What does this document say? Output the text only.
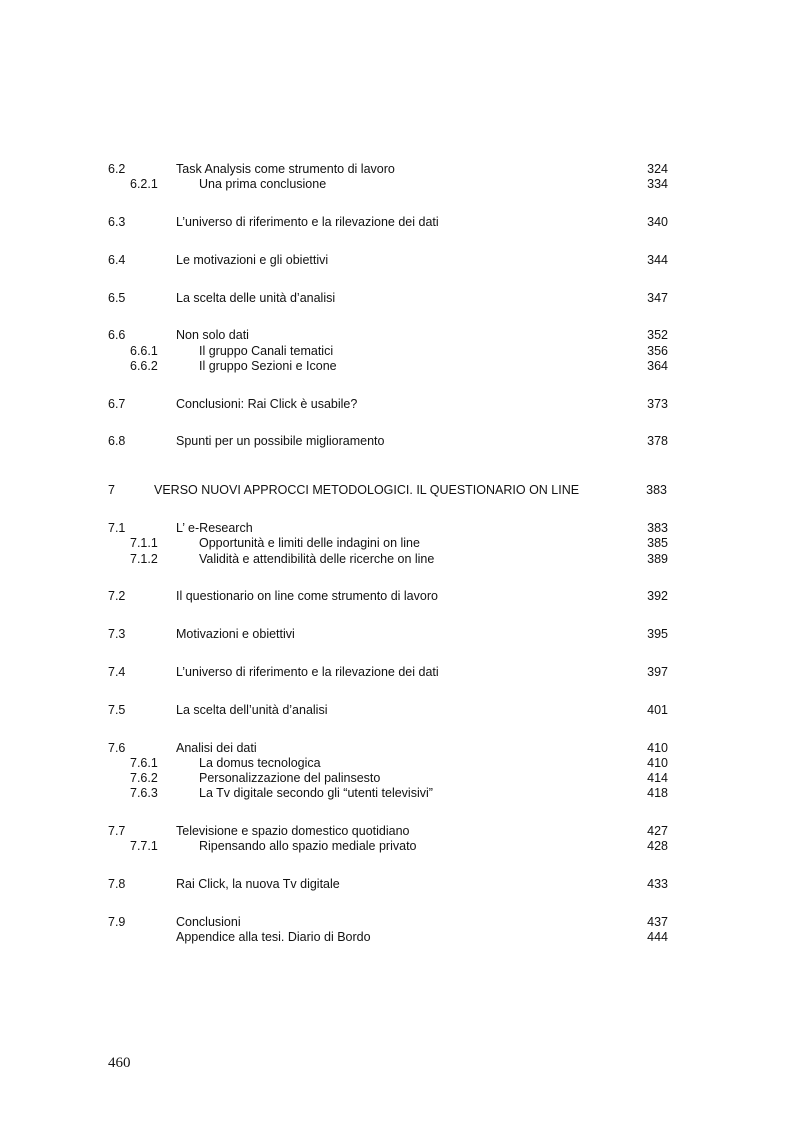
6.2	Task Analysis come strumento di lavoro	324
6.2.1	Una prima conclusione	334
6.3	L’universo di riferimento e la rilevazione dei dati	340
6.4	Le motivazioni e gli obiettivi	344
6.5	La scelta delle unità d’analisi	347
6.6	Non solo dati	352
6.6.1	Il gruppo Canali tematici	356
6.6.2	Il gruppo Sezioni e Icone	364
6.7	Conclusioni: Rai Click è usabile?	373
6.8	Spunti per un possibile miglioramento	378
7	VERSO NUOVI APPROCCI METODOLOGICI. IL QUESTIONARIO ON LINE	383
7.1	L’ e-Research	383
7.1.1	Opportunità e limiti delle indagini on line	385
7.1.2	Validità e attendibilità delle ricerche on line	389
7.2	Il questionario on line come strumento di lavoro	392
7.3	Motivazioni e obiettivi	395
7.4	L’universo di riferimento e la rilevazione dei dati	397
7.5	La scelta dell’unità d’analisi	401
7.6	Analisi dei dati	410
7.6.1	La domus tecnologica	410
7.6.2	Personalizzazione del palinsesto	414
7.6.3	La Tv digitale secondo gli “utenti televisivi”	418
7.7	Televisione e spazio domestico quotidiano	427
7.7.1	Ripensando allo spazio mediale privato	428
7.8	Rai Click, la nuova Tv digitale	433
7.9	Conclusioni	437
Appendice alla tesi. Diario di Bordo	444
460
